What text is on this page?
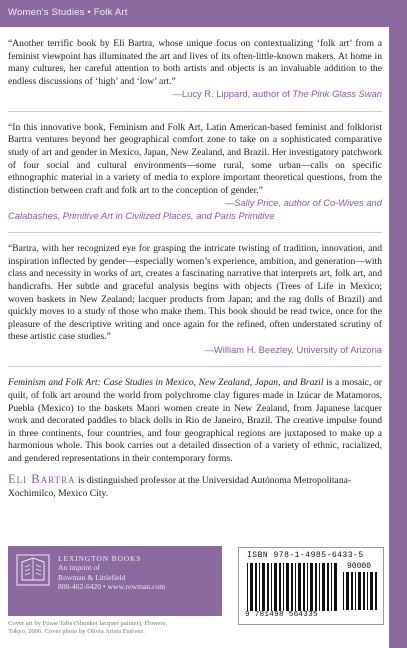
Women’s Studies • Folk Art

“Another terrific book by Eli Bartra, whose unique focus on contextualizing ‘folk art’ from a feminist viewpoint has illuminated the art and lives of its often-little-known makers. At home in many cultures, her careful attention to both artists and objects is an invaluable addition to the endless discussions of ‘high’ and ‘low’ art.”

—Lucy R. Lippard, author of The Pink Glass Swan

“In this innovative book, Feminism and Folk Art, Latin American-based feminist and folklorist Bartra ventures beyond her geographical comfort zone to take on a sophisticated comparative study of art and gender in Mexico, Japan, New Zealand, and Brazil. Her investigatory patchwork of four social and cultural environments—some rural, some urban—calls on specific ethnographic material in a variety of media to explore important theoretical questions, from the distinction between craft and folk art to the conception of gender.”

—Sally Price, author of Co-Wives and
Calabashes, Primitive Art in Civilized Places, and Paris Primitive

“Bartra, with her recognized eye for grasping the intricate twisting of tradition, innovation, and inspiration inflected by gender—especially women’s experience, ambition, and generation—with class and necessity in works of art, creates a fascinating narrative that interprets art, folk art, and handicrafts. Her subtle and graceful analysis begins with objects (Trees of Life in Mexico; woven baskets in New Zealand; lacquer products from Japan; and the rag dolls of Brazil) and quickly moves to a study of those who make them. This book should be read twice, once for the pleasure of the descriptive writing and once again for the refined, often understated scrutiny of these artistic case studies.”

—William H. Beezley, University of Arizona

Feminism and Folk Art: Case Studies in Mexico, New Zealand, Japan, and Brazil is a mosaic, or quilt, of folk art around the world from polychrome clay figures made in Izúcar de Matamoros, Puebla (Mexico) to the baskets Maori women create in New Zealand, from Japanese lacquer work and decorated paddles to black dolls in Rio de Janeiro, Brazil. The creative impulse found in three continents, four countries, and four geographical regions are juxtaposed to make up a harmonious whole. This book carries out a detailed dissection of a variety of ethnic, racialized, and gendered representations in their contemporary forms.

Eli Bartra is distinguished professor at the Universidad Autónoma Metropolitana-Xochimilco, Mexico City.

LEXINGTON BOOKS
An imprint of
Rowman & Littlefield
800-462-6420 • www.rowman.com
Cover art by Fusae Taba (Shunkei lacquer painter), Flowers,
Tokyo, 2006. Cover photo by Olivia Arista Estévez.
ISBN 978-1-4985-6433-5
90000
9 781498 564335
